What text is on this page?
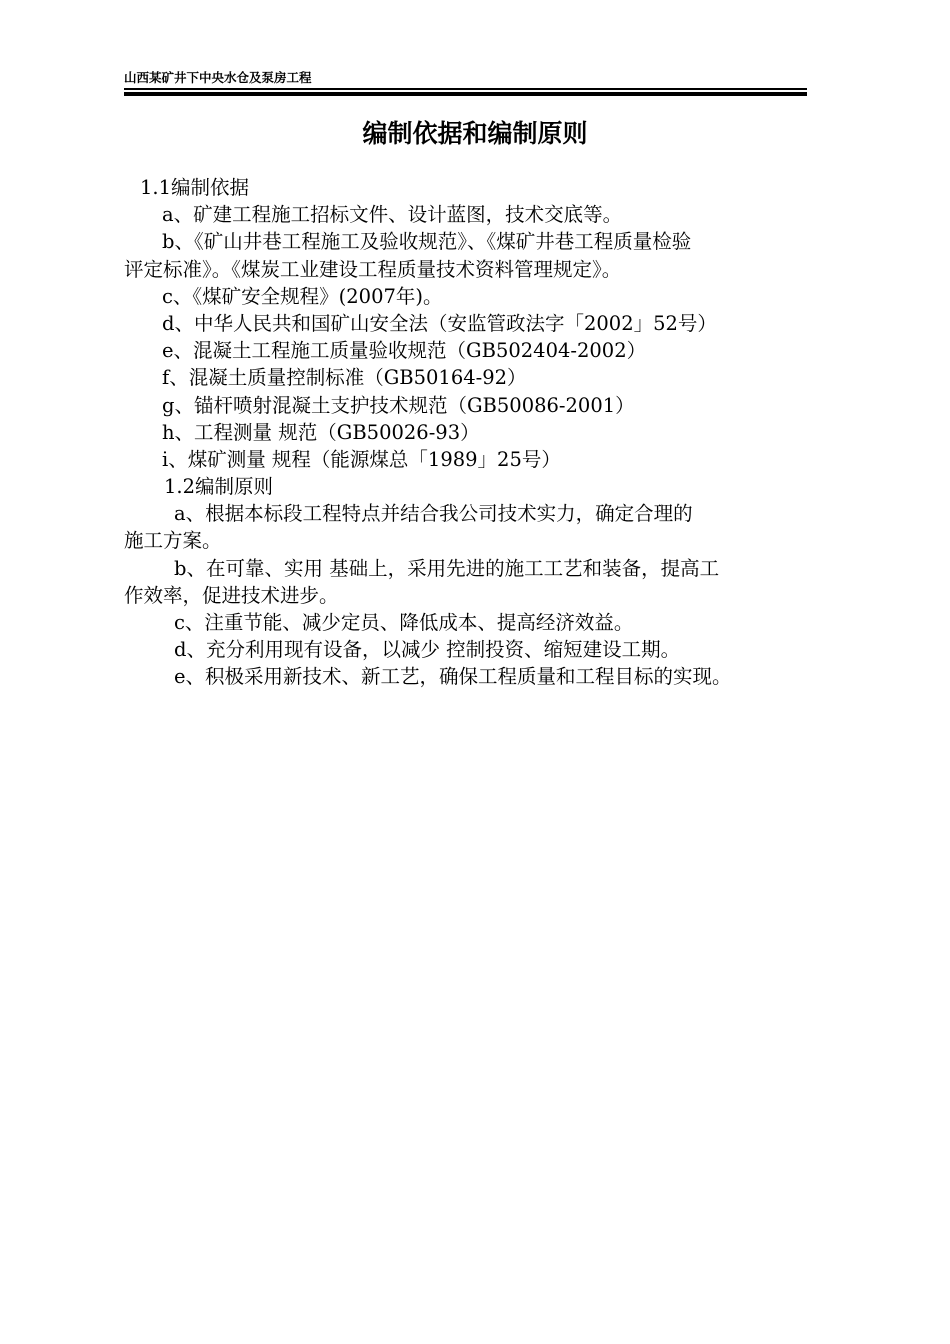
山西某矿井下中央水仓及泵房工程
编制依据和编制原则
1.1编制依据
a、矿建工程施工招标文件、设计蓝图，技术交底等。
b、《矿山井巷工程施工及验收规范》、《煤矿井巷工程质量检验
评定标准》。《煤炭工业建设工程质量技术资料管理规定》。
c、《煤矿安全规程》(2007年)。
d、中华人民共和国矿山安全法（安监管政法字「2002」52号）
e、混凝土工程施工质量验收规范（GB502404-2002）
f、混凝土质量控制标准（GB50164-92）
g、锚杆喷射混凝土支护技术规范（GB50086-2001）
h、工程测量 规范（GB50026-93）
i、煤矿测量 规程（能源煤总「1989」25号）
1.2编制原则
a、根据本标段工程特点并结合我公司技术实力，确定合理的
施工方案。
b、在可靠、实用 基础上，采用先进的施工工艺和装备，提高工
作效率，促进技术进步。
c、注重节能、减少定员、降低成本、提高经济效益。
d、充分利用现有设备，以减少 控制投资、缩短建设工期。
e、积极采用新技术、新工艺，确保工程质量和工程目标的实现。
